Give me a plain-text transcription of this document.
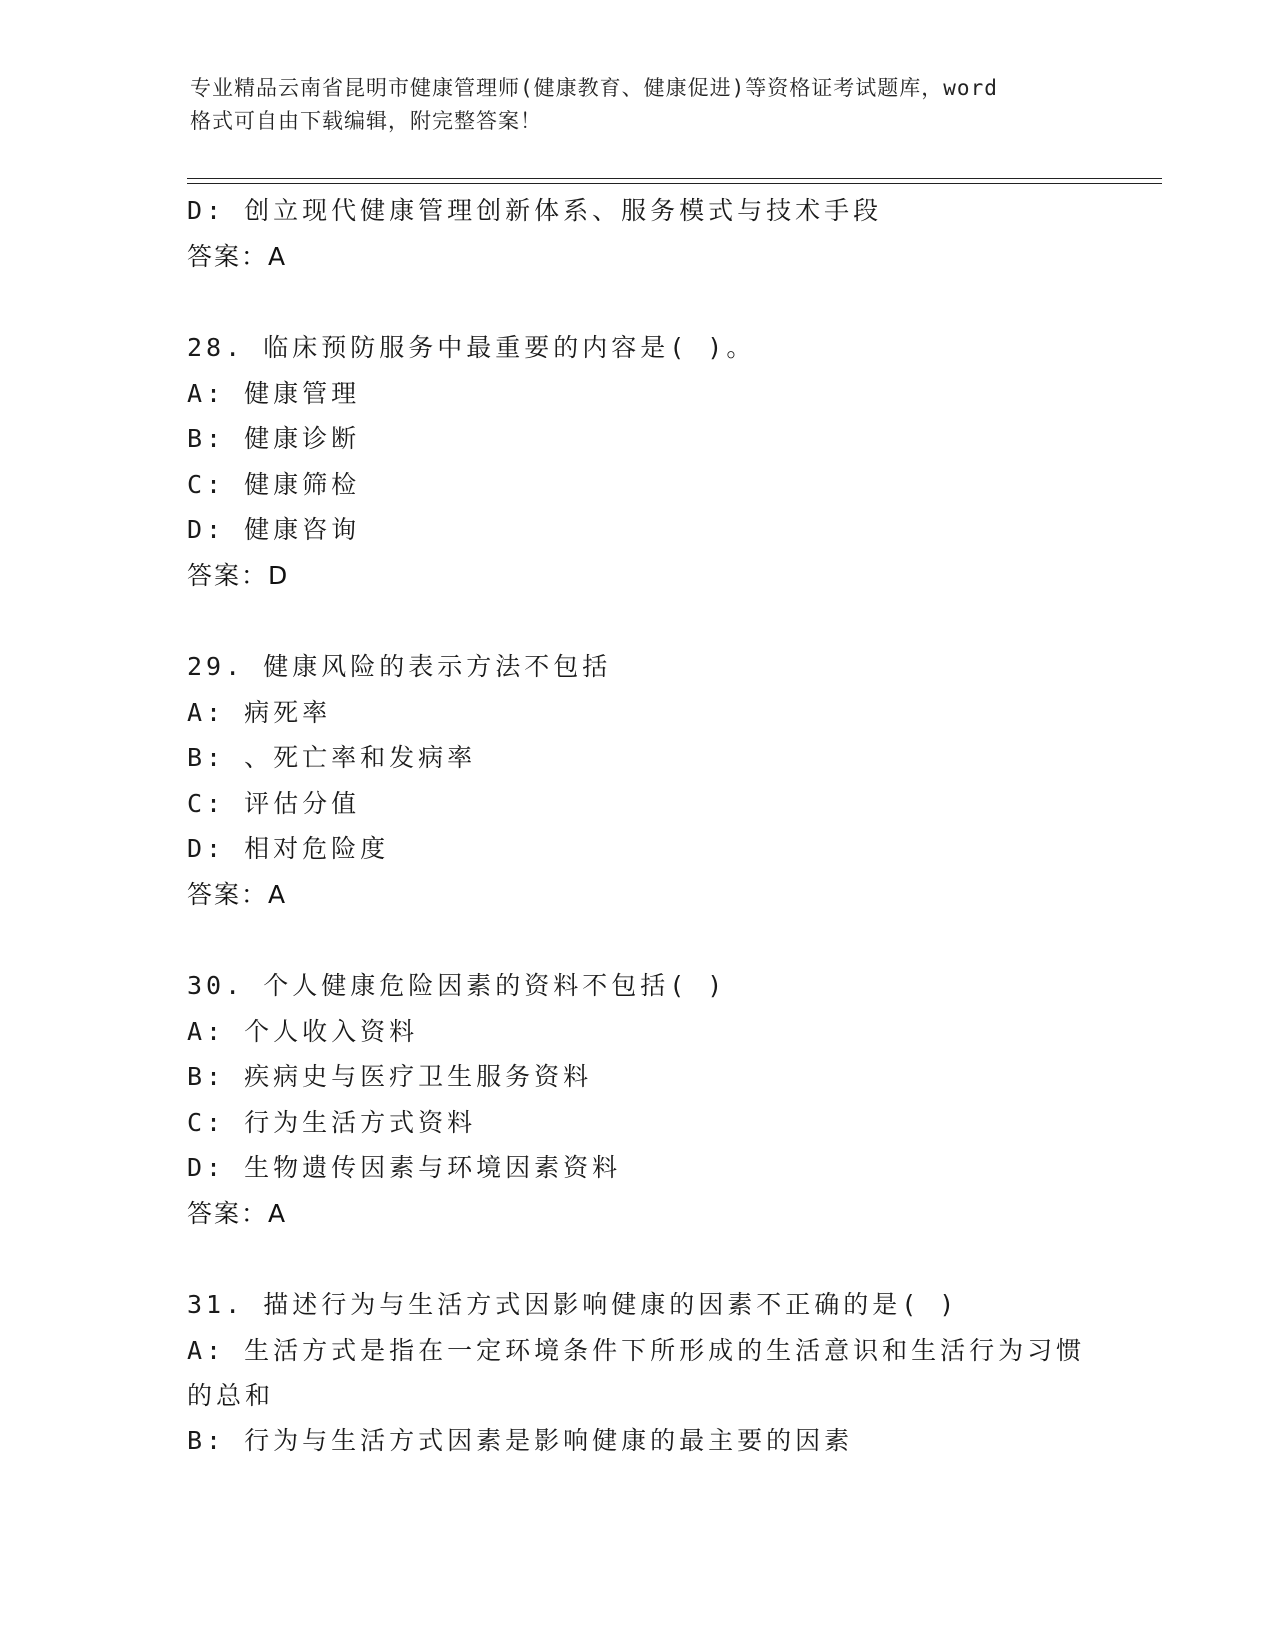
专业精品云南省昆明市健康管理师(健康教育、健康促进)等资格证考试题库，word
格式可自由下载编辑，附完整答案！
D: 创立现代健康管理创新体系、服务模式与技术手段
答案：A
28. 临床预防服务中最重要的内容是( )。
A: 健康管理
B: 健康诊断
C: 健康筛检
D: 健康咨询
答案：D
29. 健康风险的表示方法不包括
A: 病死率
B: 、死亡率和发病率
C: 评估分值
D: 相对危险度
答案：A
30. 个人健康危险因素的资料不包括( )
A: 个人收入资料
B: 疾病史与医疗卫生服务资料
C: 行为生活方式资料
D: 生物遗传因素与环境因素资料
答案：A
31. 描述行为与生活方式因影响健康的因素不正确的是( )
A: 生活方式是指在一定环境条件下所形成的生活意识和生活行为习惯的总和
B: 行为与生活方式因素是影响健康的最主要的因素
